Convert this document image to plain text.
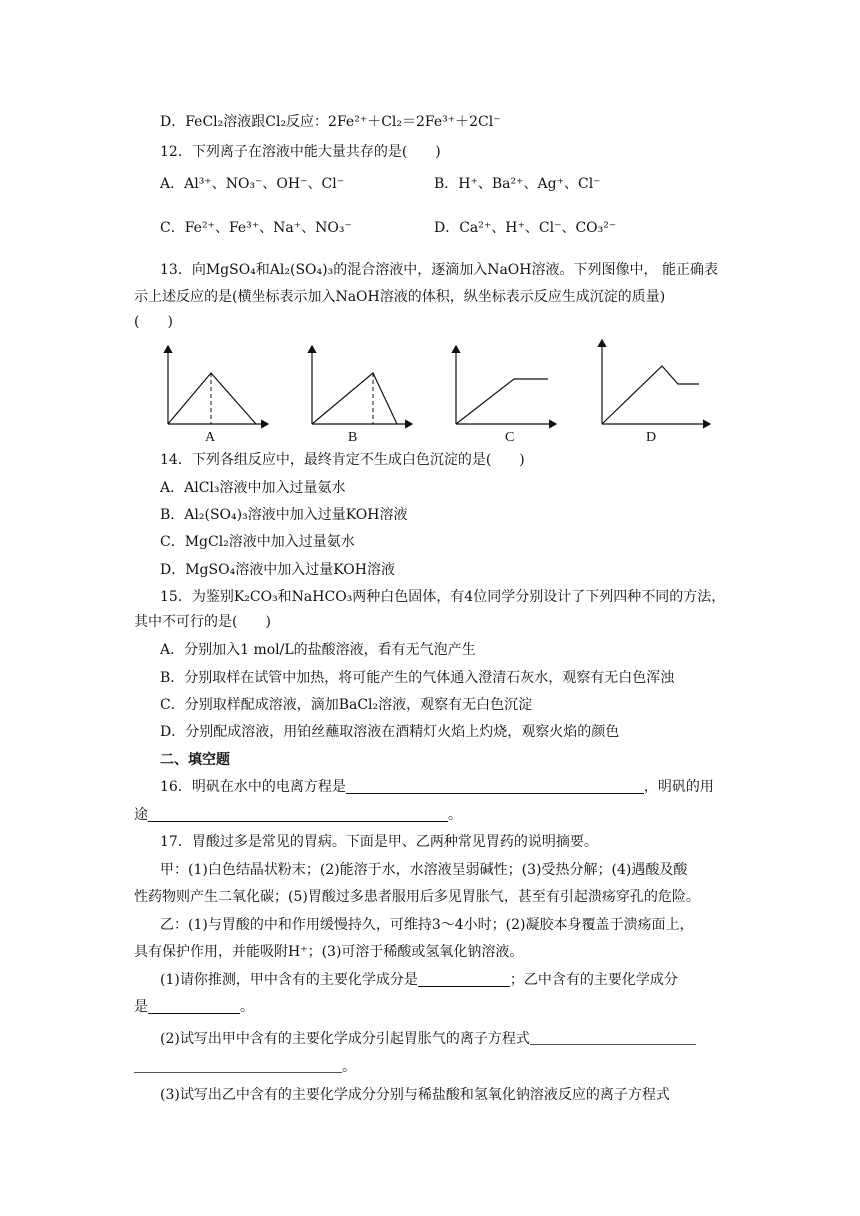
D．FeCl₂溶液跟Cl₂反应：2Fe²⁺＋Cl₂＝2Fe³⁺＋2Cl⁻
12．下列离子在溶液中能大量共存的是(　　)
A．Al³⁺、NO₃⁻、OH⁻、Cl⁻	B．H⁺、Ba²⁺、Ag⁺、Cl⁻
C．Fe²⁺、Fe³⁺、Na⁺、NO₃⁻	D．Ca²⁺、H⁺、Cl⁻、CO₃²⁻
13．向MgSO₄和Al₂(SO₄)₃的混合溶液中，逐滴加入NaOH溶液。下列图像中， 能正确表
示上述反应的是(横坐标表示加入NaOH溶液的体积，纵坐标表示反应生成沉淀的质量)
(　　)
A	B	C	D
14．下列各组反应中，最终肯定不生成白色沉淀的是(　　)
A．AlCl₃溶液中加入过量氨水
B．Al₂(SO₄)₃溶液中加入过量KOH溶液
C．MgCl₂溶液中加入过量氨水
D．MgSO₄溶液中加入过量KOH溶液
15．为鉴别K₂CO₃和NaHCO₃两种白色固体，有4位同学分别设计了下列四种不同的方法，
其中不可行的是(　　)
A．分别加入1 mol/L的盐酸溶液，看有无气泡产生
B．分别取样在试管中加热，将可能产生的气体通入澄清石灰水，观察有无白色浑浊
C．分别取样配成溶液，滴加BaCl₂溶液，观察有无白色沉淀
D．分别配成溶液，用铂丝蘸取溶液在酒精灯火焰上灼烧，观察火焰的颜色
二、填空题
16．明矾在水中的电离方程是	，明矾的用
途	。
17．胃酸过多是常见的胃病。下面是甲、乙两种常见胃药的说明摘要。
甲：(1)白色结晶状粉末；(2)能溶于水，水溶液呈弱碱性；(3)受热分解；(4)遇酸及酸
性药物则产生二氧化碳；(5)胃酸过多患者服用后多见胃胀气，甚至有引起溃疡穿孔的危险。
乙：(1)与胃酸的中和作用缓慢持久，可维持3～4小时；(2)凝胶本身覆盖于溃疡面上，
具有保护作用，并能吸附H⁺；(3)可溶于稀酸或氢氧化钠溶液。
(1)请你推测，甲中含有的主要化学成分是	；乙中含有的主要化学成分
是	。
(2)试写出甲中含有的主要化学成分引起胃胀气的离子方程式
。
(3)试写出乙中含有的主要化学成分分别与稀盐酸和氢氧化钠溶液反应的离子方程式
